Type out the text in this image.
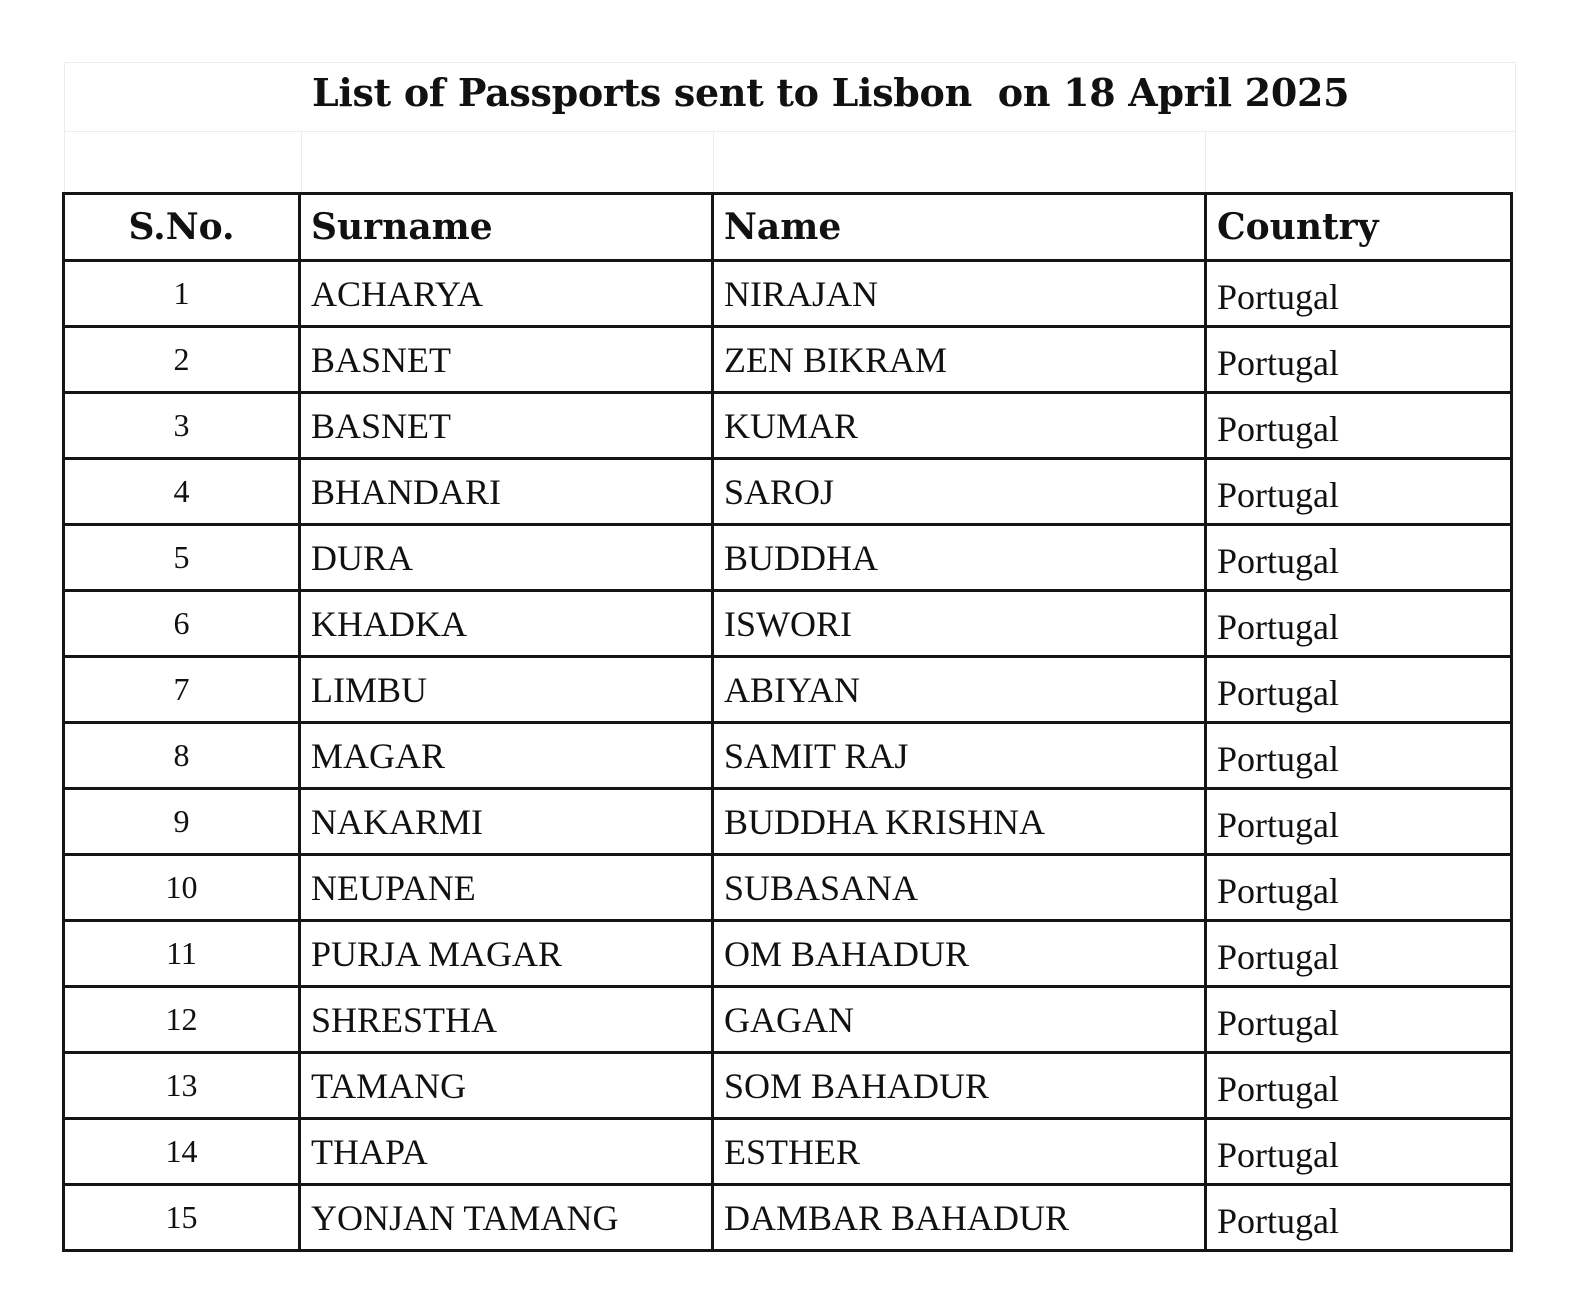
List of Passports sent to Lisbon  on 18 April 2025
S.No.	Surname	Name	Country
1	ACHARYA	NIRAJAN	Portugal
2	BASNET	ZEN BIKRAM	Portugal
3	BASNET	KUMAR	Portugal
4	BHANDARI	SAROJ	Portugal
5	DURA	BUDDHA	Portugal
6	KHADKA	ISWORI	Portugal
7	LIMBU	ABIYAN	Portugal
8	MAGAR	SAMIT RAJ	Portugal
9	NAKARMI	BUDDHA KRISHNA	Portugal
10	NEUPANE	SUBASANA	Portugal
11	PURJA MAGAR	OM BAHADUR	Portugal
12	SHRESTHA	GAGAN	Portugal
13	TAMANG	SOM BAHADUR	Portugal
14	THAPA	ESTHER	Portugal
15	YONJAN TAMANG	DAMBAR BAHADUR	Portugal
